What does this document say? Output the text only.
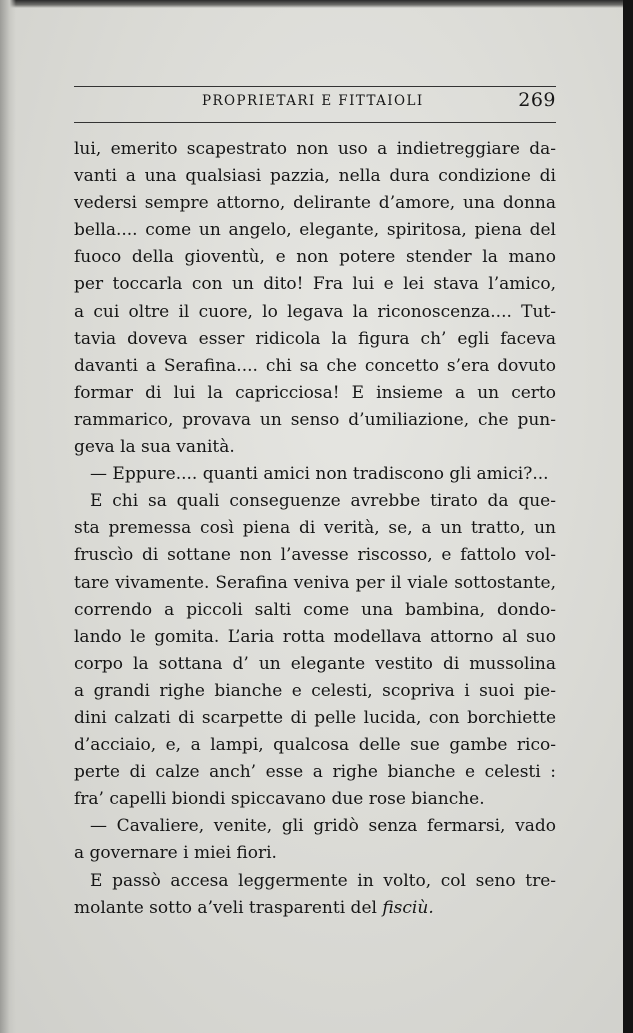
PROPRIETARI E FITTAIOLI	269
lui, emerito scapestrato non uso a indietreggiare da-
vanti a una qualsiasi pazzia, nella dura condizione di
vedersi sempre attorno, delirante d’amore, una donna
bella.... come un angelo, elegante, spiritosa, piena del
fuoco della gioventù, e non potere stender la mano
per toccarla con un dito! Fra lui e lei stava l’amico,
a cui oltre il cuore, lo legava la riconoscenza.... Tut-
tavia doveva esser ridicola la figura ch’ egli faceva
davanti a Serafina.... chi sa che concetto s’era dovuto
formar di lui la capricciosa! E insieme a un certo
rammarico, provava un senso d’umiliazione, che pun-
geva la sua vanità.
— Eppure.... quanti amici non tradiscono gli amici?...
E chi sa quali conseguenze avrebbe tirato da que-
sta premessa così piena di verità, se, a un tratto, un
fruscìo di sottane non l’avesse riscosso, e fattolo vol-
tare vivamente. Serafina veniva per il viale sottostante,
correndo a piccoli salti come una bambina, dondo-
lando le gomita. L’aria rotta modellava attorno al suo
corpo la sottana d’ un elegante vestito di mussolina
a grandi righe bianche e celesti, scopriva i suoi pie-
dini calzati di scarpette di pelle lucida, con borchiette
d’acciaio, e, a lampi, qualcosa delle sue gambe rico-
perte di calze anch’ esse a righe bianche e celesti :
fra’ capelli biondi spiccavano due rose bianche.
— Cavaliere, venite, gli gridò senza fermarsi, vado
a governare i miei fiori.
E passò accesa leggermente in volto, col seno tre-
molante sotto a’veli trasparenti del fisciù.
